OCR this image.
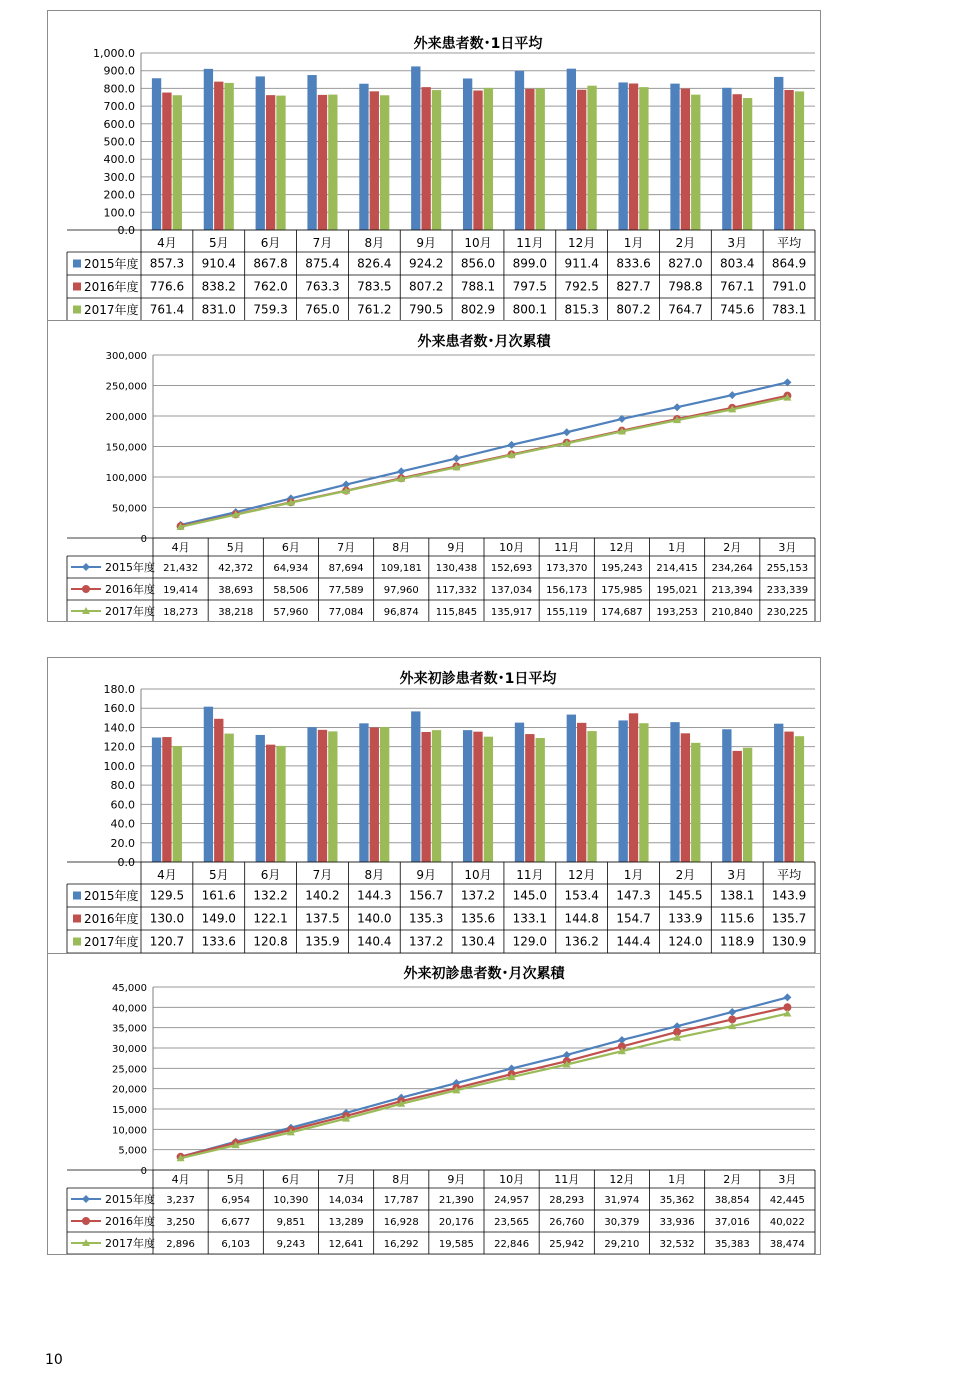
外来患者数･1日平均
0.0
100.0
200.0
300.0
400.0
500.0
600.0
700.0
800.0
900.0
1,000.0
4月	5月	6月	7月	8月	9月 10月 11月 12月 1月	2月	3月	平均
2015年度 857.3 910.4 867.8 875.4 826.4 924.2 856.0 899.0 911.4 833.6 827.0 803.4 864.9
2016年度 776.6 838.2 762.0 763.3 783.5 807.2 788.1 797.5 792.5 827.7 798.8 767.1 791.0
2017年度 761.4 831.0 759.3 765.0 761.2 790.5 802.9 800.1 815.3 807.2 764.7 745.6 783.1
外来患者数･月次累積
0
50,000
100,000
150,000
200,000
250,000
300,000
4月	5月	6月	7月	8月	9月	10月	11月	12月	1月	2月	3月
2015年度 21,432 42,372 64,934 87,694 109,181 130,438 152,693 173,370 195,243 214,415 234,264 255,153
2016年度 19,414 38,693 58,506 77,589 97,960 117,332 137,034 156,173 175,985 195,021 213,394 233,339
2017年度 18,273 38,218 57,960 77,084 96,874 115,845 135,917 155,119 174,687 193,253 210,840 230,225
外来初診患者数･1日平均
0.0
20.0
40.0
60.0
80.0
100.0
120.0
140.0
160.0
180.0
4月	5月	6月	7月	8月	9月 10月 11月 12月 1月	2月	3月	平均
2015年度 129.5 161.6 132.2 140.2 144.3 156.7 137.2 145.0 153.4 147.3 145.5 138.1 143.9
2016年度 130.0 149.0 122.1 137.5 140.0 135.3 135.6 133.1 144.8 154.7 133.9 115.6 135.7
2017年度 120.7 133.6 120.8 135.9 140.4 137.2 130.4 129.0 136.2 144.4 124.0 118.9 130.9
外来初診患者数･月次累積
0
5,000
10,000
15,000
20,000
25,000
30,000
35,000
40,000
45,000
4月	5月	6月	7月	8月	9月	10月	11月	12月	1月	2月	3月
2015年度 3,237	6,954 10,390 14,034 17,787 21,390 24,957 28,293 31,974 35,362 38,854 42,445
2016年度 3,250	6,677	9,851 13,289 16,928 20,176 23,565 26,760 30,379 33,936 37,016 40,022
2017年度 2,896	6,103	9,243 12,641 16,292 19,585 22,846 25,942 29,210 32,532 35,383 38,474
10
